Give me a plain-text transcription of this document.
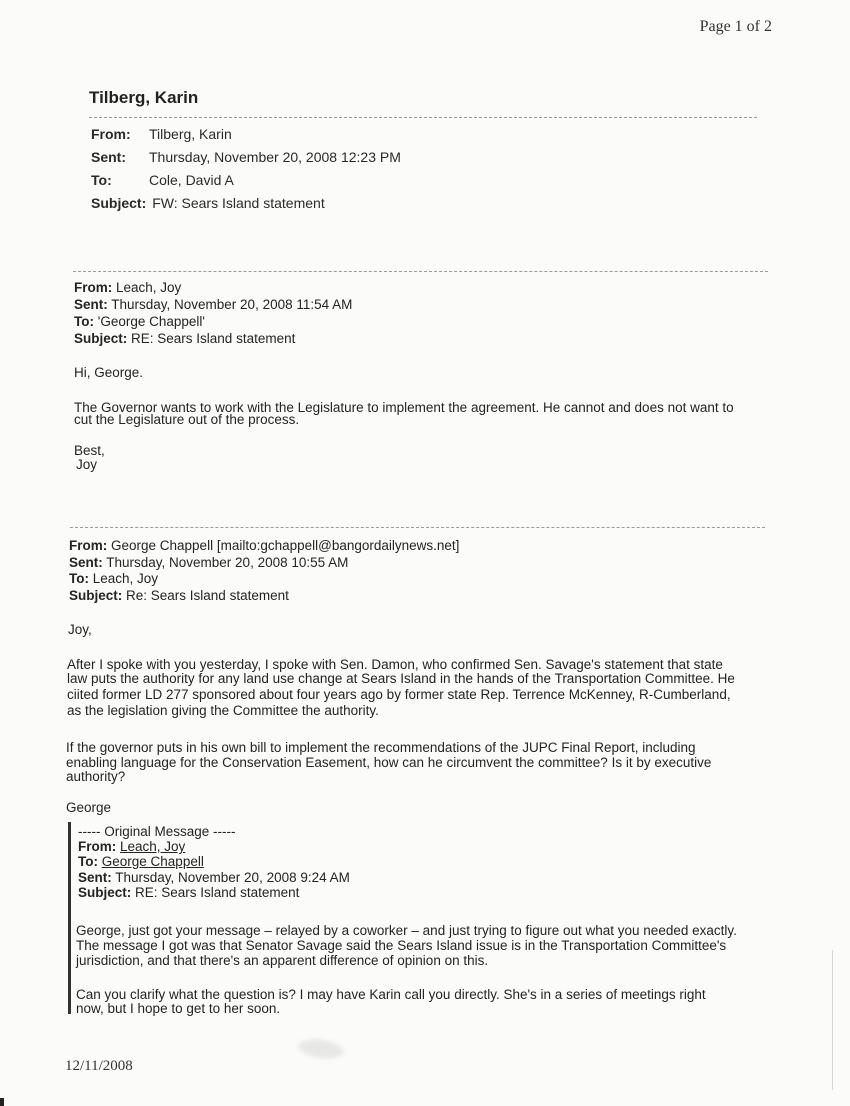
Page 1 of 2
Tilberg, Karin
From: Tilberg, Karin
Sent: Thursday, November 20, 2008 12:23 PM
To:	Cole, David A
Subject: FW: Sears Island statement
From: Leach, Joy
Sent: Thursday, November 20, 2008 11:54 AM
To: 'George Chappell'
Subject: RE: Sears Island statement
Hi, George.
The Governor wants to work with the Legislature to implement the agreement. He cannot and does not want to
cut the Legislature out of the process.
Best,
Joy
From: George Chappell [mailto:gchappell@bangordailynews.net]
Sent: Thursday, November 20, 2008 10:55 AM
To: Leach, Joy
Subject: Re: Sears Island statement
Joy,
After I spoke with you yesterday, I spoke with Sen. Damon, who confirmed Sen. Savage's statement that state
law puts the authority for any land use change at Sears Island in the hands of the Transportation Committee. He
ciited former LD 277 sponsored about four years ago by former state Rep. Terrence McKenney, R-Cumberland,
as the legislation giving the Committee the authority.
If the governor puts in his own bill to implement the recommendations of the JUPC Final Report, including
enabling language for the Conservation Easement, how can he circumvent the committee? Is it by executive
authority?
George
----- Original Message -----
From: Leach, Joy
To: George Chappell
Sent: Thursday, November 20, 2008 9:24 AM
Subject: RE: Sears Island statement
George, just got your message – relayed by a coworker – and just trying to figure out what you needed exactly.
The message I got was that Senator Savage said the Sears Island issue is in the Transportation Committee's
jurisdiction, and that there's an apparent difference of opinion on this.
Can you clarify what the question is? I may have Karin call you directly. She's in a series of meetings right
now, but I hope to get to her soon.
12/11/2008
